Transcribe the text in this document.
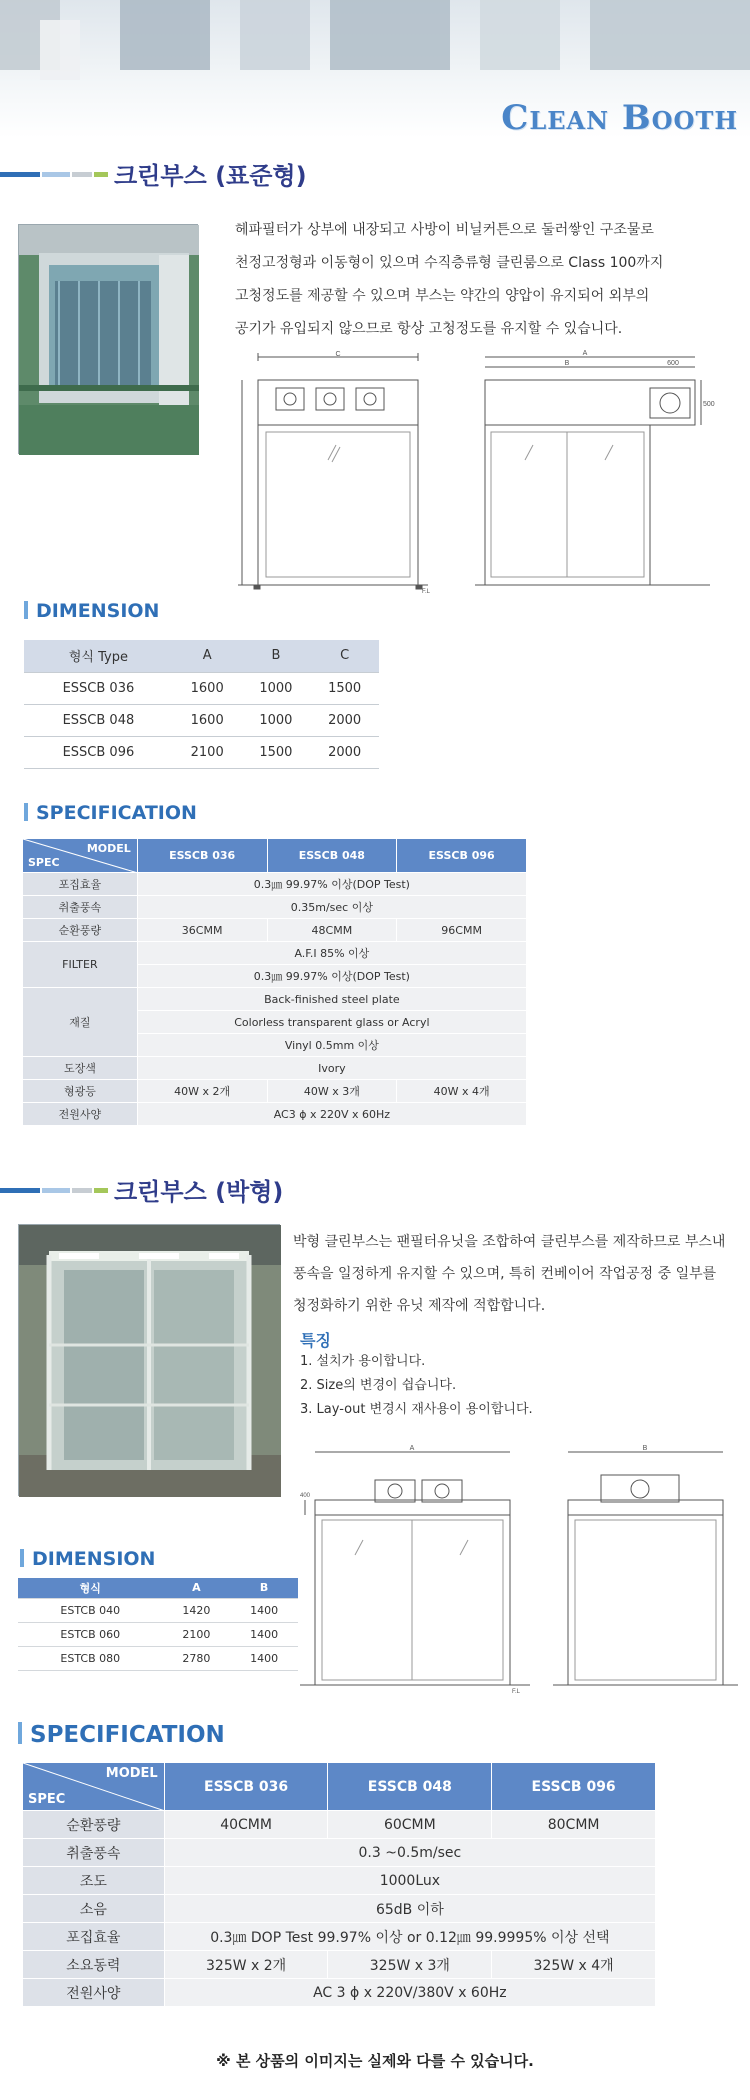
Clean Booth
크린부스 (표준형)
헤파필터가 상부에 내장되고 사방이 비닐커튼으로 둘러쌓인 구조물로
천정고정형과 이동형이 있으며 수직층류형 클린룸으로 Class 100까지
고청정도를 제공할 수 있으며 부스는 약간의 양압이 유지되어 외부의
공기가 유입되지 않으므로 항상 고청정도를 유지할 수 있습니다.
C
F.L
A
B	600
500
DIMENSION
형식 Type	A	B	C
ESSCB 036	1600	1000	1500
ESSCB 048	1600	1000	2000
ESSCB 096	2100	1500	2000
SPECIFICATION
MODEL
SPEC	ESSCB 036	ESSCB 048	ESSCB 096
포집효율	0.3㎛ 99.97% 이상(DOP Test)		
취출풍속	0.35m/sec 이상		
순환풍량	36CMM	48CMM	96CMM
FILTER	A.F.I 85% 이상		
	0.3㎛ 99.97% 이상(DOP Test)		
재질	Back-finished steel plate		
	Colorless transparent glass or Acryl		
	Vinyl 0.5mm 이상		
도장색	Ivory		
형광등	40W x 2개	40W x 3개	40W x 4개
전원사양	AC3 ϕ x 220V x 60Hz		
크린부스 (박형)
박형 클린부스는 팬필터유닛을 조합하여 클린부스를 제작하므로 부스내
풍속을 일정하게 유지할 수 있으며, 특히 컨베이어 작업공정 중 일부를
청정화하기 위한 유닛 제작에 적합합니다.
특징
1. 설치가 용이합니다.
2. Size의 변경이 쉽습니다.
3. Lay-out 변경시 재사용이 용이합니다.
A
400
F.L
B
DIMENSION
형식	A	B
ESTCB 040	1420	1400
ESTCB 060	2100	1400
ESTCB 080	2780	1400
SPECIFICATION
MODEL
SPEC	ESSCB 036	ESSCB 048	ESSCB 096
순환풍량	40CMM	60CMM	80CMM
취출풍속	0.3 ~0.5m/sec		
조도	1000Lux		
소음	65dB 이하		
포집효율	0.3㎛ DOP Test 99.97% 이상 or 0.12㎛ 99.9995% 이상 선택		
소요동력	325W x 2개	325W x 3개	325W x 4개
전원사양	AC 3 ϕ x 220V/380V x 60Hz		
※ 본 상품의 이미지는 실제와 다를 수 있습니다.
